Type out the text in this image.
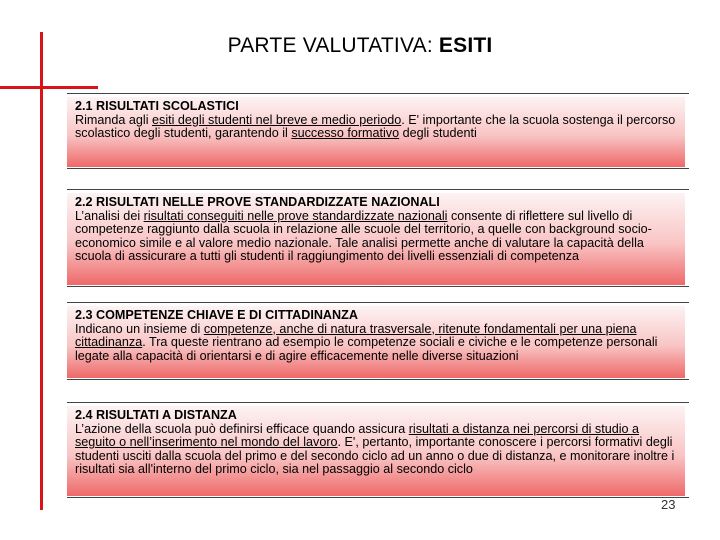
PARTE VALUTATIVA: ESITI
2.1 RISULTATI SCOLASTICI
Rimanda agli esiti degli studenti nel breve e medio periodo. E' importante che la scuola sostenga il percorso scolastico degli studenti, garantendo il successo formativo degli studenti
2.2 RISULTATI NELLE PROVE STANDARDIZZATE NAZIONALI
L’analisi dei risultati conseguiti nelle prove standardizzate nazionali consente di riflettere sul livello di competenze raggiunto dalla scuola in relazione alle scuole del territorio, a quelle con background socio-economico simile e al valore medio nazionale. Tale analisi permette anche di valutare la capacità della scuola di assicurare a tutti gli studenti il raggiungimento dei livelli essenziali di competenza
2.3 COMPETENZE CHIAVE E DI CITTADINANZA
Indicano un insieme di competenze, anche di natura trasversale, ritenute fondamentali per una piena cittadinanza. Tra queste rientrano ad esempio le competenze sociali e civiche e le competenze personali legate alla capacità di orientarsi e di agire efficacemente nelle diverse situazioni
2.4 RISULTATI A DISTANZA
L’azione della scuola può definirsi efficace quando assicura risultati a distanza nei percorsi di studio a seguito o nell’inserimento nel mondo del lavoro. E', pertanto, importante conoscere i percorsi formativi degli studenti usciti dalla scuola del primo e del secondo ciclo ad un anno o due di distanza, e monitorare inoltre i risultati sia all'interno del primo ciclo, sia nel passaggio al secondo ciclo
23
